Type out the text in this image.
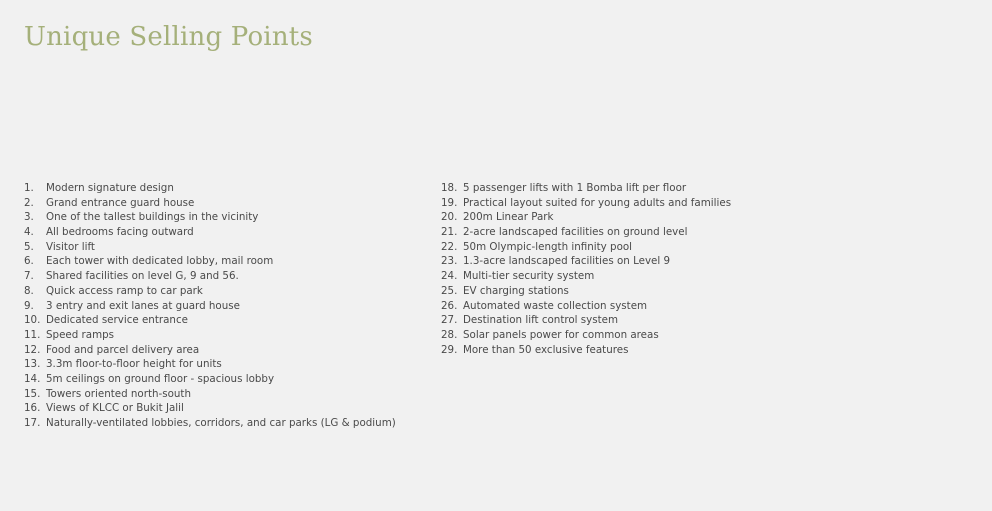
Unique Selling Points
1. Modern signature design
2. Grand entrance guard house
3. One of the tallest buildings in the vicinity
4. All bedrooms facing outward
5. Visitor lift
6. Each tower with dedicated lobby, mail room
7. Shared facilities on level G, 9 and 56.
8. Quick access ramp to car park
9. 3 entry and exit lanes at guard house
10. Dedicated service entrance
11. Speed ramps
12. Food and parcel delivery area
13. 3.3m floor-to-floor height for units
14. 5m ceilings on ground floor - spacious lobby
15. Towers oriented north-south
16. Views of KLCC or Bukit Jalil
17. Naturally-ventilated lobbies, corridors, and car parks (LG & podium)
18. 5 passenger lifts with 1 Bomba lift per floor
19. Practical layout suited for young adults and families
20. 200m Linear Park
21. 2-acre landscaped facilities on ground level
22. 50m Olympic-length infinity pool
23. 1.3-acre landscaped facilities on Level 9
24. Multi-tier security system
25. EV charging stations
26. Automated waste collection system
27. Destination lift control system
28. Solar panels power for common areas
29. More than 50 exclusive features
